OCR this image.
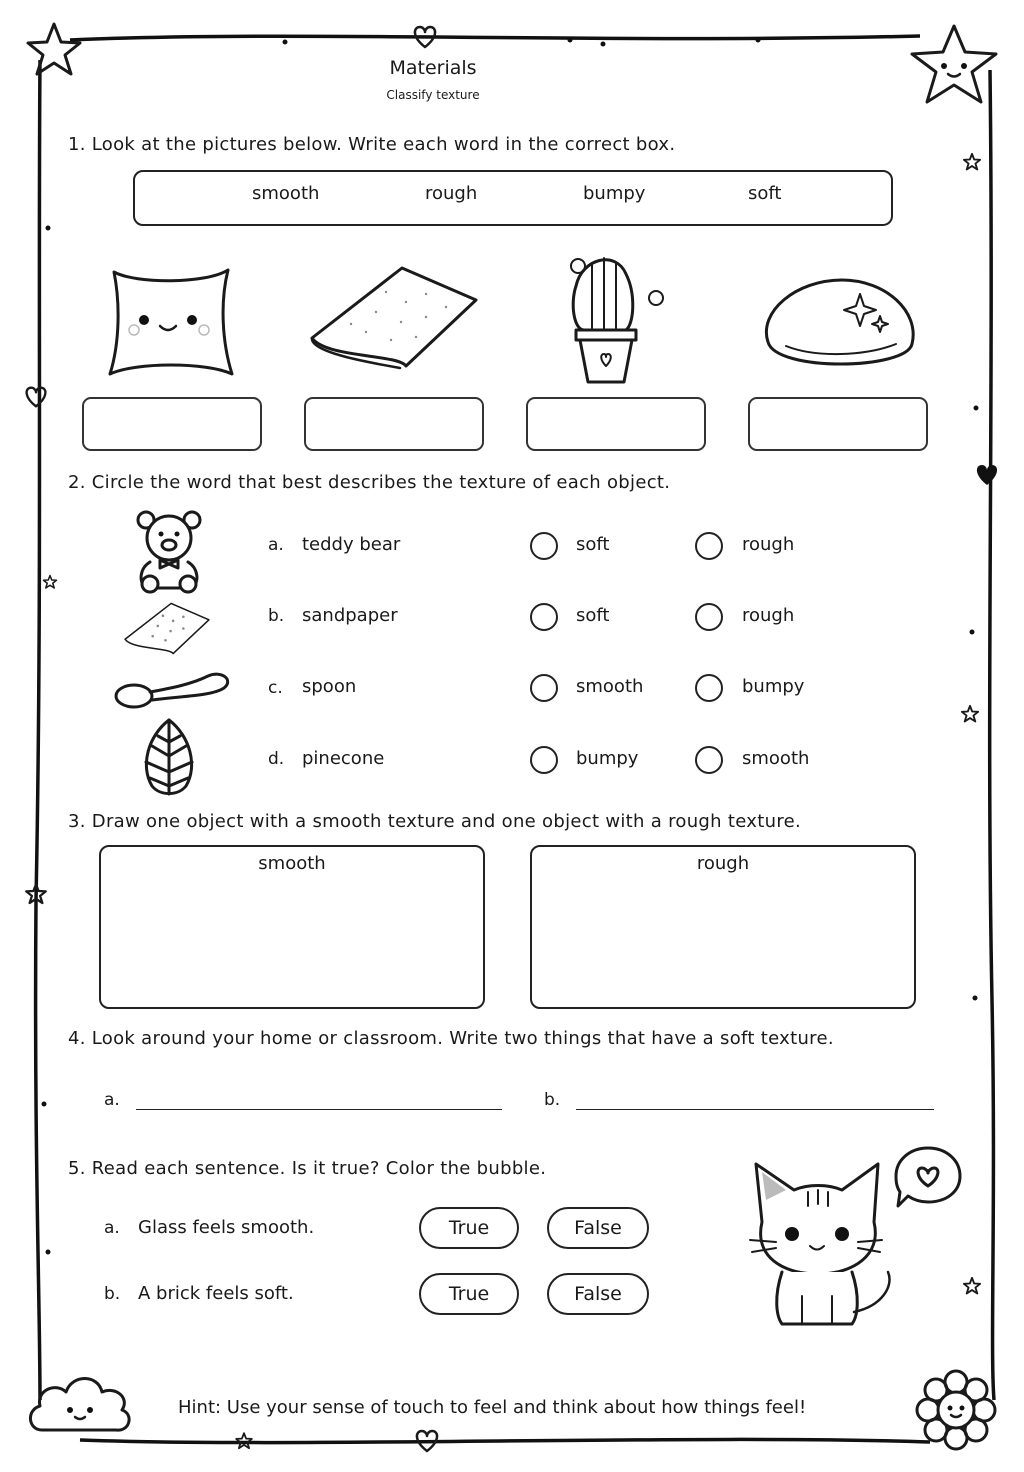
Materials
Classify texture
1. Look at the pictures below. Write each word in the correct box.
smooth	rough	bumpy	soft
2. Circle the word that best describes the texture of each object.
a. teddy bear	soft	rough
b. sandpaper	soft	rough
c. spoon	smooth	bumpy
d. pinecone	bumpy	smooth
3. Draw one object with a smooth texture and one object with a rough texture.
smooth	rough
4. Look around your home or classroom. Write two things that have a soft texture.
a.	b.
5. Read each sentence. Is it true? Color the bubble.
a. Glass feels smooth.	True	False
b. A brick feels soft.	True	False
Hint: Use your sense of touch to feel and think about how things feel!
